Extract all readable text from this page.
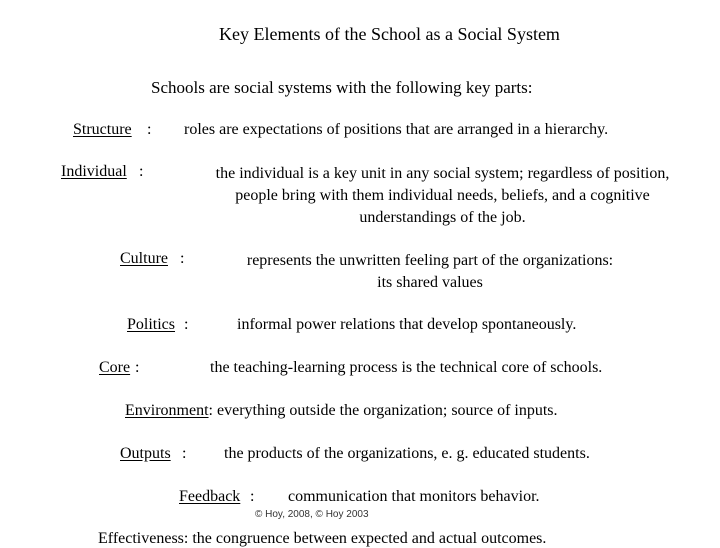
Key Elements of the School as a Social System
Schools are social systems with the following key parts:
Structure : roles are expectations of positions that are arranged in a hierarchy.
Individual :	the individual is a key unit in any social system; regardless of position,
people bring with them individual needs, beliefs, and a cognitive
understandings of the job.
Culture :	represents the unwritten feeling part of the organizations:
its shared values
Politics :	informal power relations that develop spontaneously.
Core :	the teaching-learning process is the technical core of schools.
Environment: everything outside the organization; source of inputs.
Outputs : the products of the organizations, e. g. educated students.
Feedback : communication that monitors behavior.
© Hoy, 2008, © Hoy 2003
Effectiveness: the congruence between expected and actual outcomes.
